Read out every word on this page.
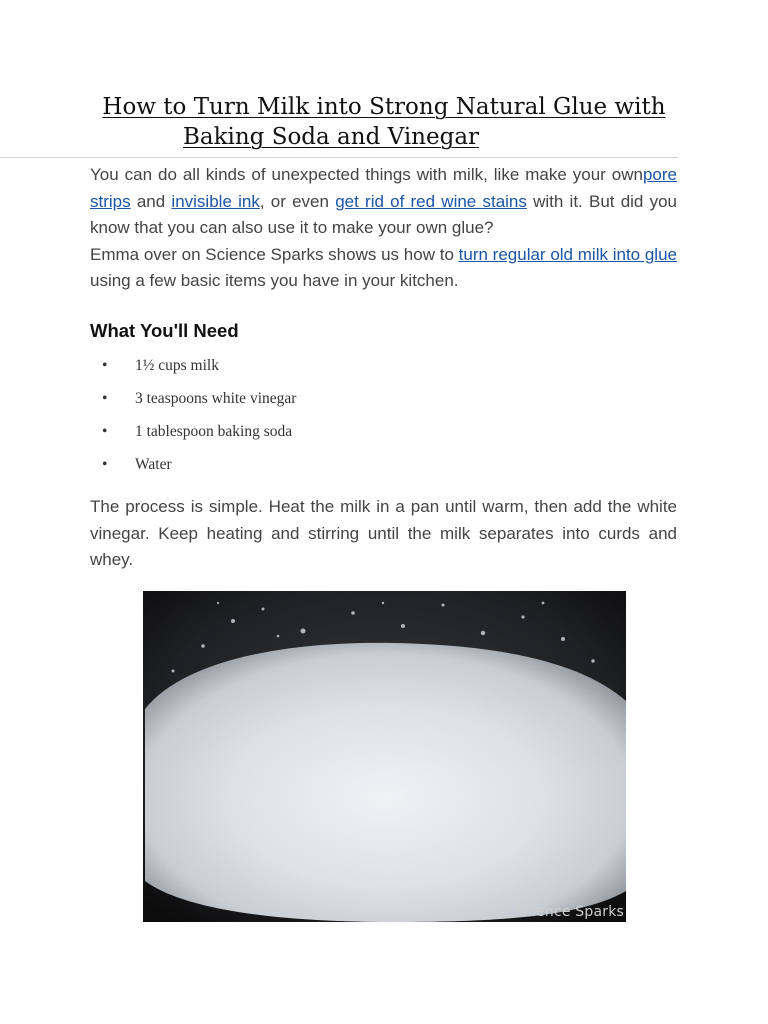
How to Turn Milk into Strong Natural Glue with
Baking Soda and Vinegar

You can do all kinds of unexpected things with milk, like make your ownpore strips and invisible ink, or even get rid of red wine stains with it. But did you know that you can also use it to make your own glue?
Emma over on Science Sparks shows us how to turn regular old milk into glue using a few basic items you have in your kitchen.

What You'll Need
• 1½ cups milk
• 3 teaspoons white vinegar
• 1 tablespoon baking soda
• Water

The process is simple. Heat the milk in a pan until warm, then add the white vinegar. Keep heating and stirring until the milk separates into curds and whey.

Science Sparks
